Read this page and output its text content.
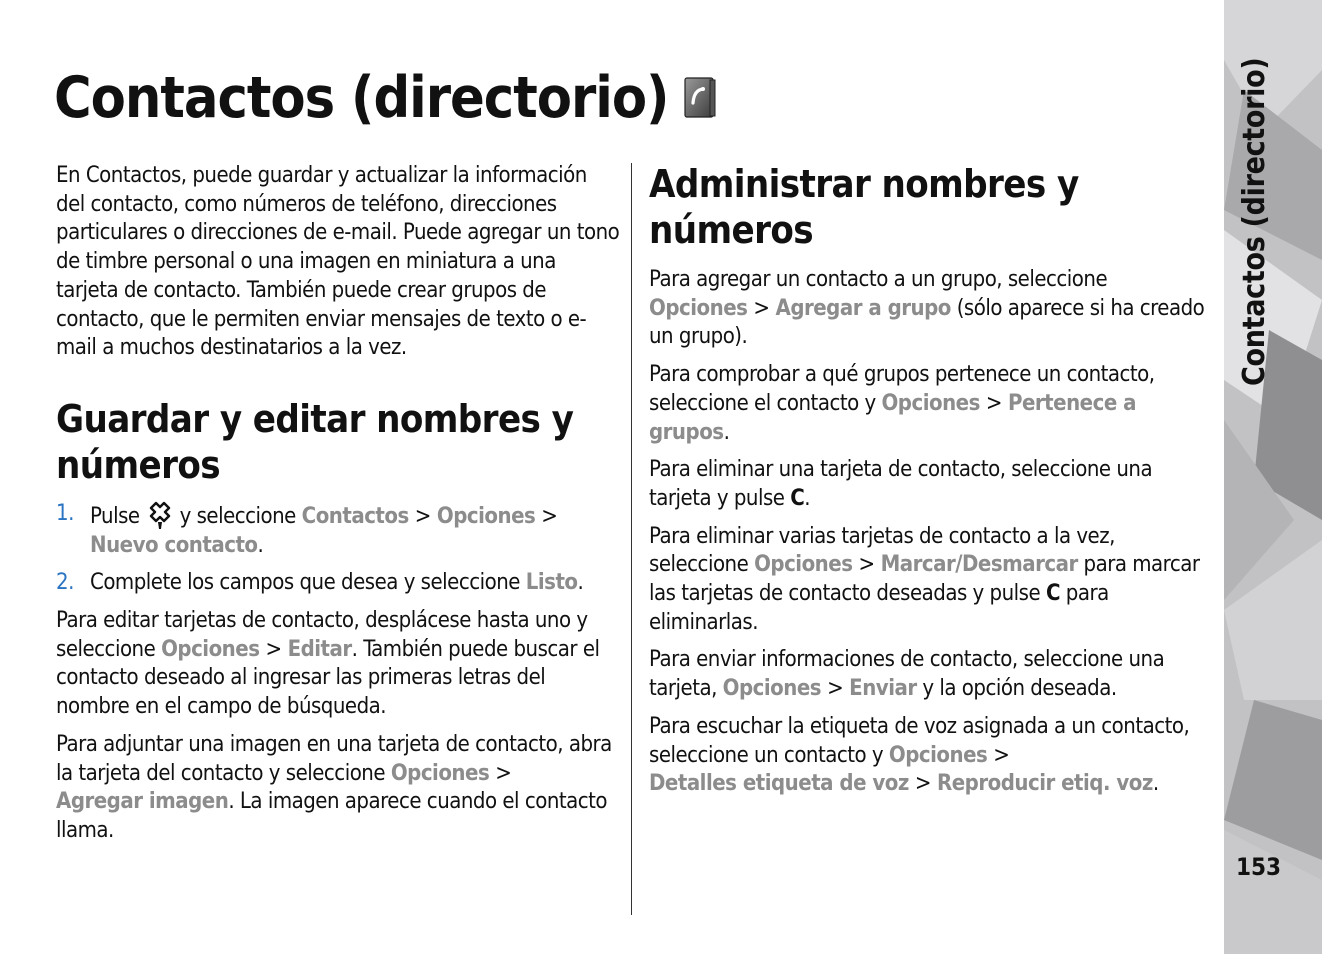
Contactos (directorio)

En Contactos, puede guardar y actualizar la información del contacto, como números de teléfono, direcciones particulares o direcciones de e-mail. Puede agregar un tono de timbre personal o una imagen en miniatura a una tarjeta de contacto. También puede crear grupos de contacto, que le permiten enviar mensajes de texto o e-mail a muchos destinatarios a la vez.

Guardar y editar nombres y números
1. Pulse y seleccione Contactos > Opciones >
Nuevo contacto.
2. Complete los campos que desea y seleccione Listo.

Para editar tarjetas de contacto, desplácese hasta uno y seleccione Opciones > Editar. También puede buscar el contacto deseado al ingresar las primeras letras del nombre en el campo de búsqueda.

Para adjuntar una imagen en una tarjeta de contacto, abra la tarjeta del contacto y seleccione Opciones >
Agregar imagen. La imagen aparece cuando el contacto llama.

Administrar nombres y números

Para agregar un contacto a un grupo, seleccione
Opciones > Agregar a grupo (sólo aparece si ha creado un grupo).

Para comprobar a qué grupos pertenece un contacto, seleccione el contacto y Opciones > Pertenece a grupos.

Para eliminar una tarjeta de contacto, seleccione una tarjeta y pulse C.

Para eliminar varias tarjetas de contacto a la vez, seleccione Opciones > Marcar/Desmarcar para marcar las tarjetas de contacto deseadas y pulse C para eliminarlas.

Para enviar informaciones de contacto, seleccione una tarjeta, Opciones > Enviar y la opción deseada.

Para escuchar la etiqueta de voz asignada a un contacto, seleccione un contacto y Opciones >
Detalles etiqueta de voz > Reproducir etiq. voz.

Contactos (directorio)
153
